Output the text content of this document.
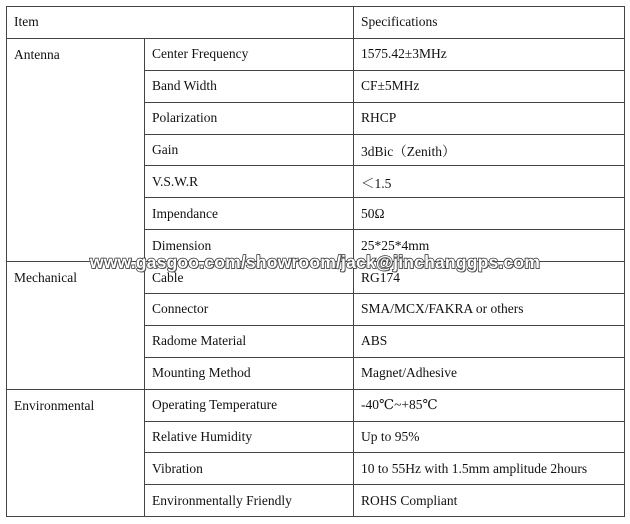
Item		Specifications
Antenna	Center Frequency	1575.42±3MHz
	Band Width	CF±5MHz
	Polarization	RHCP
	Gain	3dBic（Zenith）
	V.S.W.R	＜1.5
	Impendance	50Ω
	Dimension	25*25*4mm
Mechanical	Cable	RG174
	Connector	SMA/MCX/FAKRA or others
	Radome Material	ABS
	Mounting Method	Magnet/Adhesive
Environmental	Operating Temperature	-40℃~+85℃
	Relative Humidity	Up to 95%
	Vibration	10 to 55Hz with 1.5mm amplitude 2hours
	Environmentally Friendly	ROHS Compliant
www.gasgoo.com/showroom/jack@jinchanggps.com
